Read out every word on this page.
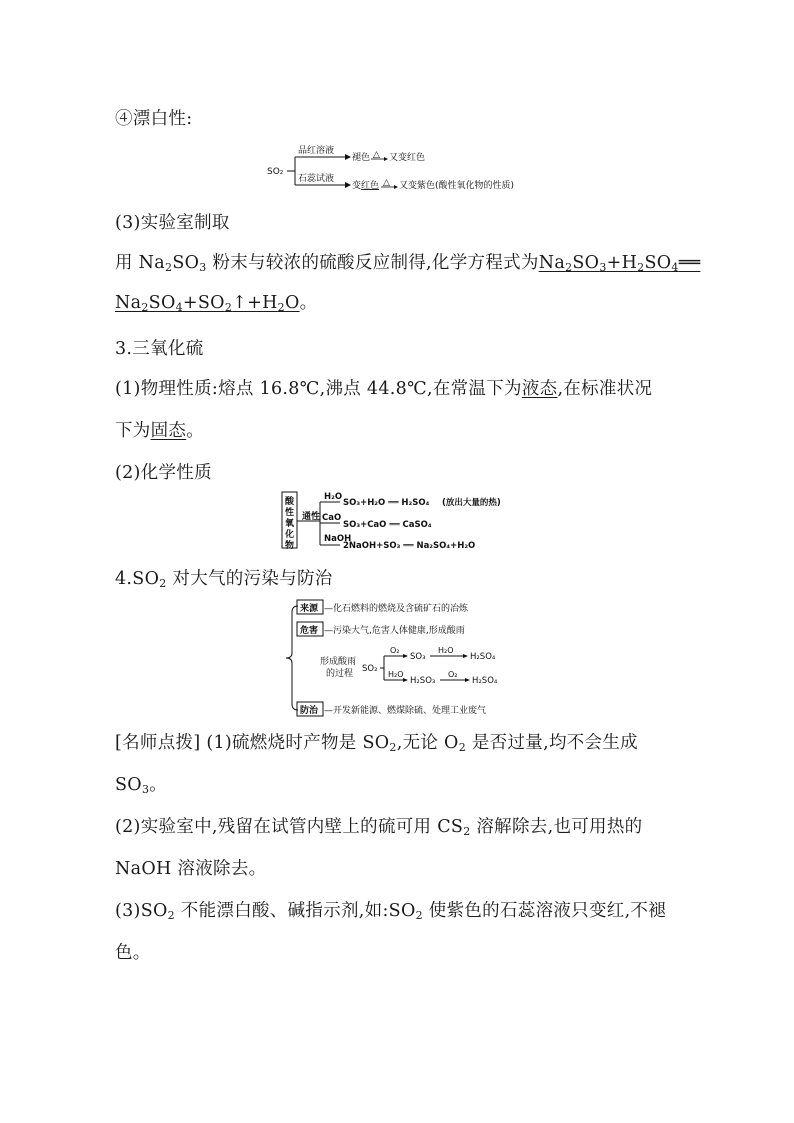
④漂白性:
SO₂
品红溶液
褪色 △ 又变红色
石蕊试液
变 红色 △ 又变紫色(酸性氧化物的性质)
(3)实验室制取
用 $Na_2SO_3$ 粉末与较浓的硫酸反应制得,化学方程式为$Na_2SO_3+H_2SO_4══$
$Na_2SO_4+SO_2↑+H_2O$。
3.三氧化硫
(1)物理性质:熔点 16.8℃,沸点 44.8℃,在常温下为液态,在标准状况
下为固态。
(2)化学性质
酸性氧化物
通性
H₂O
SO₃+H₂O ══ H₂SO₄ (放出大量的热)
CaO
SO₃+CaO ══ CaSO₄
NaOH
2NaOH+SO₃ ══ Na₂SO₄+H₂O
$4.SO_2$ 对大气的污染与防治
来源 —化石燃料的燃烧及含硫矿石的冶炼
危害 —污染大气,危害人体健康,形成酸雨
形成酸雨
的过程 SO₂
O₂
H₂O
SO₃
H₂O
H₂SO₄
H₂SO₃
O₂
H₂SO₄
防治 —开发新能源、燃煤除硫、处理工业废气
[名师点拨] (1)硫燃烧时产物是 $SO_2$,无论 $O_2$ 是否过量,均不会生成
$SO_3$。
(2)实验室中,残留在试管内壁上的硫可用 $CS_2$ 溶解除去,也可用热的
NaOH 溶液除去。
$(3)SO_2$ 不能漂白酸、碱指示剂,如$:SO_2$ 使紫色的石蕊溶液只变红,不褪
色。
